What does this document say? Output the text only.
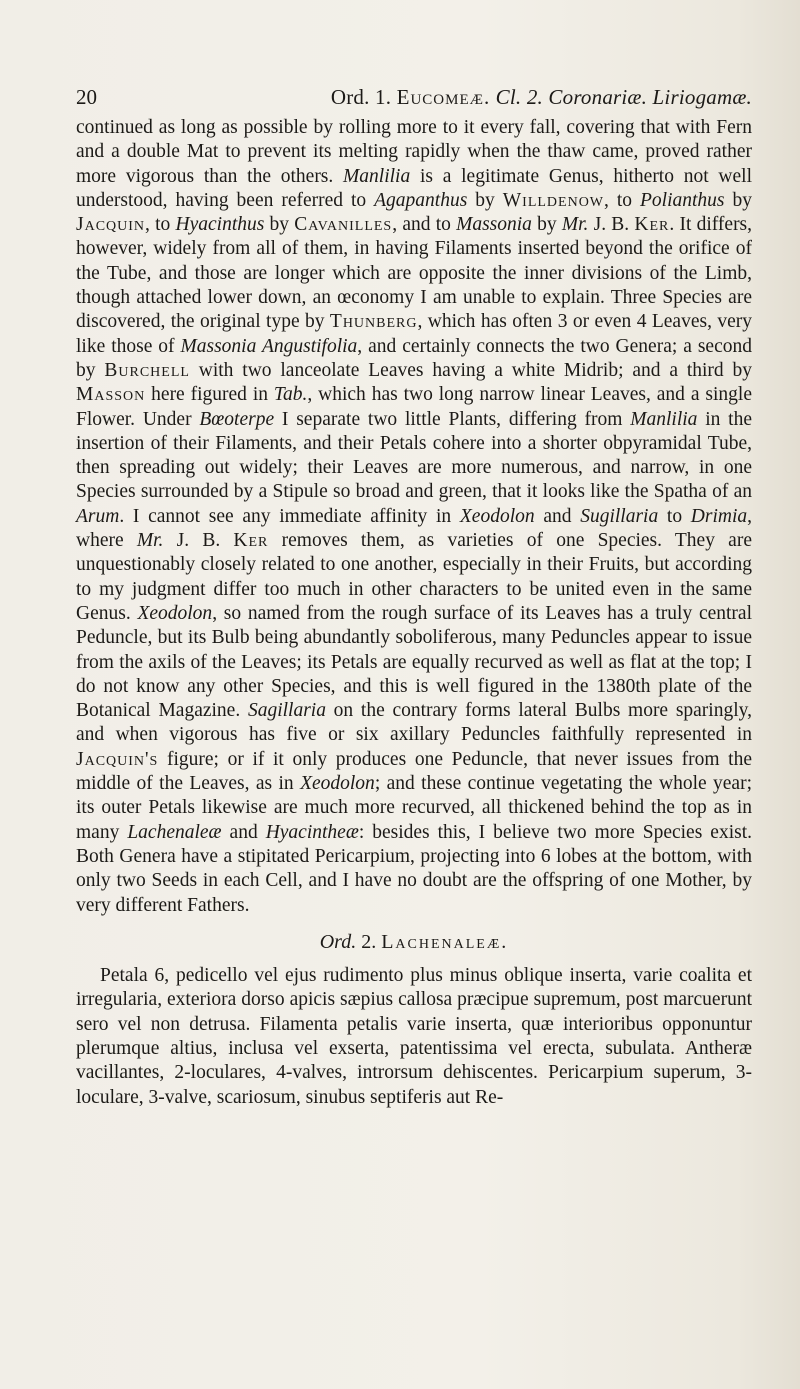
20	Ord. 1. Eucomeæ. Cl. 2. Coronariæ. Liriogamæ.

continued as long as possible by rolling more to it every fall, covering that with Fern and a double Mat to prevent its melting rapidly when the thaw came, proved rather more vigorous than the others. Manlilia is a legitimate Genus, hitherto not well understood, having been referred to Agapanthus by Willdenow, to Polianthus by Jacquin, to Hyacinthus by Cavanilles, and to Massonia by Mr. J. B. Ker. It differs, however, widely from all of them, in having Filaments inserted beyond the orifice of the Tube, and those are longer which are opposite the inner divisions of the Limb, though attached lower down, an œconomy I am unable to explain. Three Species are discovered, the original type by Thunberg, which has often 3 or even 4 Leaves, very like those of Massonia Angustifolia, and certainly connects the two Genera; a second by Burchell with two lanceolate Leaves having a white Midrib; and a third by Masson here figured in Tab., which has two long narrow linear Leaves, and a single Flower. Under Bœoterpe I separate two little Plants, differing from Manlilia in the insertion of their Filaments, and their Petals cohere into a shorter obpyramidal Tube, then spreading out widely; their Leaves are more numerous, and narrow, in one Species surrounded by a Stipule so broad and green, that it looks like the Spatha of an Arum. I cannot see any immediate affinity in Xeodolon and Sugillaria to Drimia, where Mr. J. B. Ker removes them, as varieties of one Species. They are unquestionably closely related to one another, especially in their Fruits, but according to my judgment differ too much in other characters to be united even in the same Genus. Xeodolon, so named from the rough surface of its Leaves has a truly central Peduncle, but its Bulb being abundantly soboliferous, many Peduncles appear to issue from the axils of the Leaves; its Petals are equally recurved as well as flat at the top; I do not know any other Species, and this is well figured in the 1380th plate of the Botanical Magazine. Sagillaria on the contrary forms lateral Bulbs more sparingly, and when vigorous has five or six axillary Peduncles faithfully represented in Jacquin's figure; or if it only produces one Peduncle, that never issues from the middle of the Leaves, as in Xeodolon; and these continue vegetating the whole year; its outer Petals likewise are much more recurved, all thickened behind the top as in many Lachenaleæ and Hyacintheæ: besides this, I believe two more Species exist. Both Genera have a stipitated Pericarpium, projecting into 6 lobes at the bottom, with only two Seeds in each Cell, and I have no doubt are the offspring of one Mother, by very different Fathers.

Ord. 2. Lachenaleæ.

Petala 6, pedicello vel ejus rudimento plus minus oblique inserta, varie coalita et irregularia, exteriora dorso apicis sæpius callosa præcipue supremum, post marcuerunt sero vel non detrusa. Filamenta petalis varie inserta, quæ interioribus opponuntur plerumque altius, inclusa vel exserta, patentissima vel erecta, subulata. Antheræ vacillantes, 2-loculares, 4-valves, introrsum dehiscentes. Pericarpium superum, 3-loculare, 3-valve, scariosum, sinubus septiferis aut Re-
